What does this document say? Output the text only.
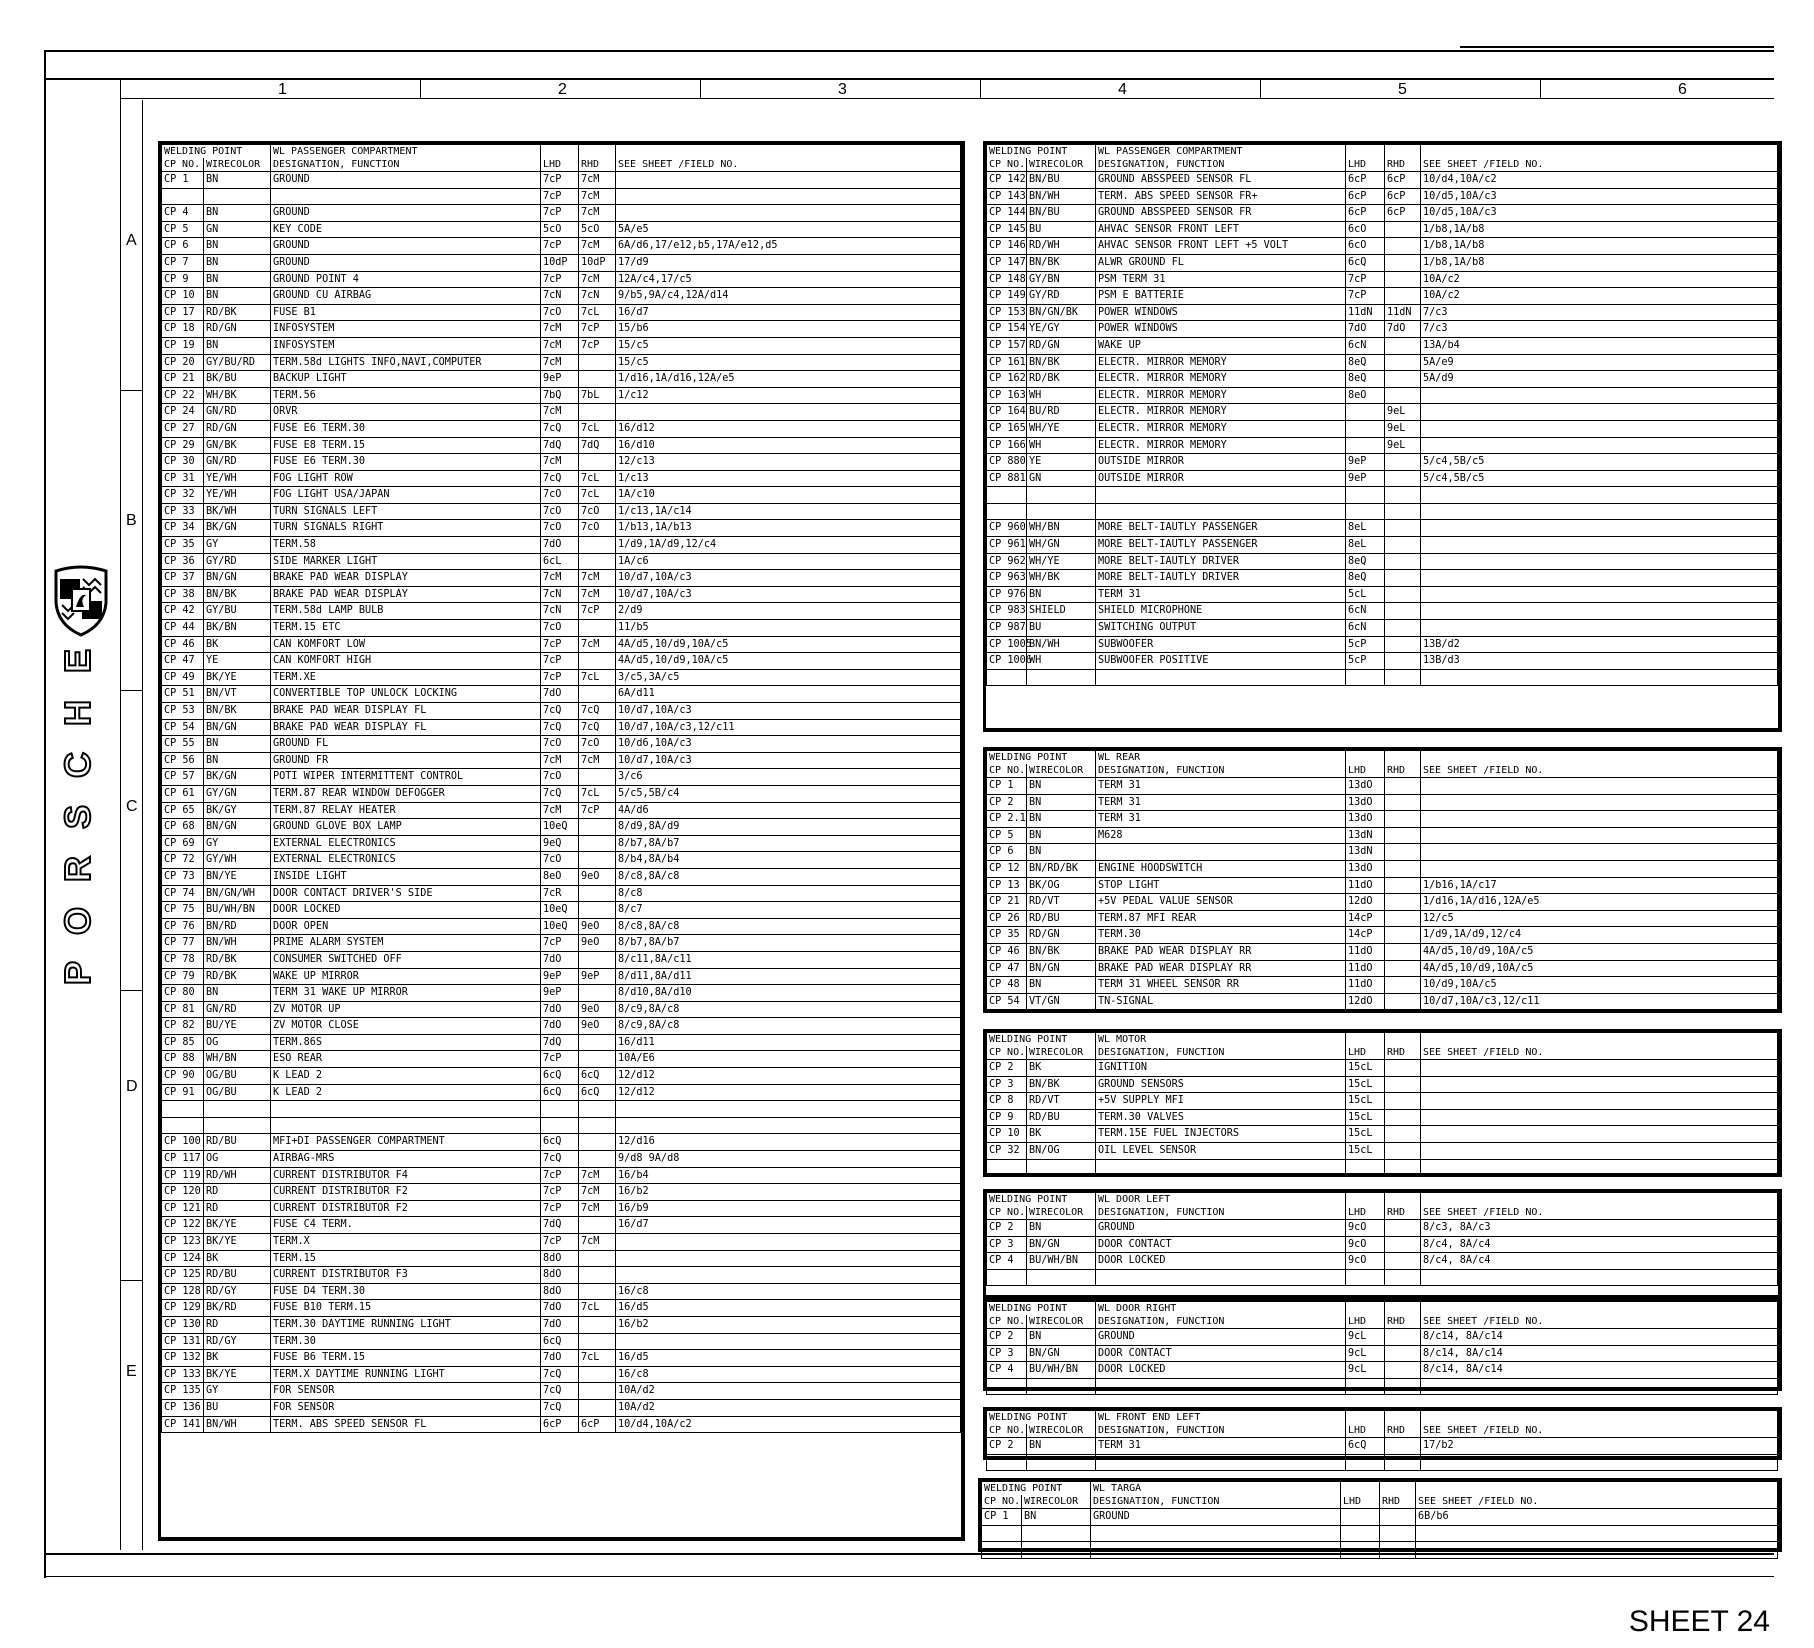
1	2	3	4	5	6
A
B
C
D
E
E
H
C
S
R
O
P
WELDING POINT		WL PASSENGER COMPARTMENT			
CP NO.	WIRECOLOR	DESIGNATION, FUNCTION	LHD	RHD	SEE SHEET /FIELD NO.
CP 1	BN	GROUND	7cP	7cM	
			7cP	7cM	
CP 4	BN	GROUND	7cP	7cM	
CP 5	GN	KEY CODE	5cO	5cO	5A/e5
CP 6	BN	GROUND	7cP	7cM	6A/d6,17/e12,b5,17A/e12,d5
CP 7	BN	GROUND	10dP	10dP	17/d9
CP 9	BN	GROUND POINT 4	7cP	7cM	12A/c4,17/c5
CP 10	BN	GROUND CU AIRBAG	7cN	7cN	9/b5,9A/c4,12A/d14
CP 17	RD/BK	FUSE B1	7cO	7cL	16/d7
CP 18	RD/GN	INFOSYSTEM	7cM	7cP	15/b6
CP 19	BN	INFOSYSTEM	7cM	7cP	15/c5
CP 20	GY/BU/RD	TERM.58d LIGHTS INFO,NAVI,COMPUTER	7cM		15/c5
CP 21	BK/BU	BACKUP LIGHT	9eP		1/d16,1A/d16,12A/e5
CP 22	WH/BK	TERM.56	7bQ	7bL	1/c12
CP 24	GN/RD	ORVR	7cM		
CP 27	RD/GN	FUSE E6 TERM.30	7cQ	7cL	16/d12
CP 29	GN/BK	FUSE E8 TERM.15	7dQ	7dQ	16/d10
CP 30	GN/RD	FUSE E6 TERM.30	7cM		12/c13
CP 31	YE/WH	FOG LIGHT ROW	7cQ	7cL	1/c13
CP 32	YE/WH	FOG LIGHT USA/JAPAN	7cO	7cL	1A/c10
CP 33	BK/WH	TURN SIGNALS LEFT	7cO	7cO	1/c13,1A/c14
CP 34	BK/GN	TURN SIGNALS RIGHT	7cO	7cO	1/b13,1A/b13
CP 35	GY	TERM.58	7dO		1/d9,1A/d9,12/c4
CP 36	GY/RD	SIDE MARKER LIGHT	6cL		1A/c6
CP 37	BN/GN	BRAKE PAD WEAR DISPLAY	7cM	7cM	10/d7,10A/c3
CP 38	BN/BK	BRAKE PAD WEAR DISPLAY	7cN	7cM	10/d7,10A/c3
CP 42	GY/BU	TERM.58d LAMP BULB	7cN	7cP	2/d9
CP 44	BK/BN	TERM.15 ETC	7cO		11/b5
CP 46	BK	CAN KOMFORT LOW	7cP	7cM	4A/d5,10/d9,10A/c5
CP 47	YE	CAN KOMFORT HIGH	7cP		4A/d5,10/d9,10A/c5
CP 49	BK/YE	TERM.XE	7cP	7cL	3/c5,3A/c5
CP 51	BN/VT	CONVERTIBLE TOP UNLOCK LOCKING	7dO		6A/d11
CP 53	BN/BK	BRAKE PAD WEAR DISPLAY FL	7cQ	7cQ	10/d7,10A/c3
CP 54	BN/GN	BRAKE PAD WEAR DISPLAY FL	7cQ	7cQ	10/d7,10A/c3,12/c11
CP 55	BN	GROUND FL	7cO	7cO	10/d6,10A/c3
CP 56	BN	GROUND FR	7cM	7cM	10/d7,10A/c3
CP 57	BK/GN	POTI WIPER INTERMITTENT CONTROL	7cO		3/c6
CP 61	GY/GN	TERM.87 REAR WINDOW DEFOGGER	7cQ	7cL	5/c5,5B/c4
CP 65	BK/GY	TERM.87 RELAY HEATER	7cM	7cP	4A/d6
CP 68	BN/GN	GROUND GLOVE BOX LAMP	10eQ		8/d9,8A/d9
CP 69	GY	EXTERNAL ELECTRONICS	9eQ		8/b7,8A/b7
CP 72	GY/WH	EXTERNAL ELECTRONICS	7cO		8/b4,8A/b4
CP 73	BN/YE	INSIDE LIGHT	8eO	9eO	8/c8,8A/c8
CP 74	BN/GN/WH	DOOR CONTACT DRIVER'S SIDE	7cR		8/c8
CP 75	BU/WH/BN	DOOR LOCKED	10eQ		8/c7
CP 76	BN/RD	DOOR OPEN	10eQ	9eO	8/c8,8A/c8
CP 77	BN/WH	PRIME ALARM SYSTEM	7cP	9eO	8/b7,8A/b7
CP 78	RD/BK	CONSUMER SWITCHED OFF	7dO		8/c11,8A/c11
CP 79	RD/BK	WAKE UP MIRROR	9eP	9eP	8/d11,8A/d11
CP 80	BN	TERM 31 WAKE UP MIRROR	9eP		8/d10,8A/d10
CP 81	GN/RD	ZV MOTOR UP	7dO	9eO	8/c9,8A/c8
CP 82	BU/YE	ZV MOTOR CLOSE	7dO	9eO	8/c9,8A/c8
CP 85	OG	TERM.86S	7dQ		16/d11
CP 88	WH/BN	ESO REAR	7cP		10A/E6
CP 90	OG/BU	K LEAD 2	6cQ	6cQ	12/d12
CP 91	OG/BU	K LEAD 2	6cQ	6cQ	12/d12

CP 100	RD/BU	MFI+DI PASSENGER COMPARTMENT	6cQ		12/d16
CP 117	OG	AIRBAG-MRS	7cQ		9/d8 9A/d8
CP 119	RD/WH	CURRENT DISTRIBUTOR F4	7cP	7cM	16/b4
CP 120	RD	CURRENT DISTRIBUTOR F2	7cP	7cM	16/b2
CP 121	RD	CURRENT DISTRIBUTOR F2	7cP	7cM	16/b9
CP 122	BK/YE	FUSE C4 TERM.	7dQ		16/d7
CP 123	BK/YE	TERM.X	7cP	7cM	
CP 124	BK	TERM.15	8dO		
CP 125	RD/BU	CURRENT DISTRIBUTOR F3	8dO		
CP 128	RD/GY	FUSE D4 TERM.30	8dO		16/c8
CP 129	BK/RD	FUSE B10 TERM.15	7dO	7cL	16/d5
CP 130	RD	TERM.30 DAYTIME RUNNING LIGHT	7dO		16/b2
CP 131	RD/GY	TERM.30	6cQ		
CP 132	BK	FUSE B6 TERM.15	7dO	7cL	16/d5
CP 133	BK/YE	TERM.X DAYTIME RUNNING LIGHT	7cQ		16/c8
CP 135	GY	FOR SENSOR	7cQ		10A/d2
CP 136	BU	FOR SENSOR	7cQ		10A/d2
CP 141	BN/WH	TERM. ABS SPEED SENSOR FL	6cP	6cP	10/d4,10A/c2
WELDING POINT		WL PASSENGER COMPARTMENT			
CP NO.	WIRECOLOR	DESIGNATION, FUNCTION	LHD	RHD	SEE SHEET /FIELD NO.
CP 142	BN/BU	GROUND ABSSPEED SENSOR FL	6cP	6cP	10/d4,10A/c2
CP 143	BN/WH	TERM. ABS SPEED SENSOR FR+	6cP	6cP	10/d5,10A/c3
CP 144	BN/BU	GROUND ABSSPEED SENSOR FR	6cP	6cP	10/d5,10A/c3
CP 145	BU	AHVAC SENSOR FRONT LEFT	6cO		1/b8,1A/b8
CP 146	RD/WH	AHVAC SENSOR FRONT LEFT +5 VOLT	6cO		1/b8,1A/b8
CP 147	BN/BK	ALWR GROUND FL	6cQ		1/b8,1A/b8
CP 148	GY/BN	PSM TERM 31	7cP		10A/c2
CP 149	GY/RD	PSM E BATTERIE	7cP		10A/c2
CP 153	BN/GN/BK	POWER WINDOWS	11dN	11dN	7/c3
CP 154	YE/GY	POWER WINDOWS	7dO	7dO	7/c3
CP 157	RD/GN	WAKE UP	6cN		13A/b4
CP 161	BN/BK	ELECTR. MIRROR MEMORY	8eQ		5A/e9
CP 162	RD/BK	ELECTR. MIRROR MEMORY	8eQ		5A/d9
CP 163	WH	ELECTR. MIRROR MEMORY	8eO		
CP 164	BU/RD	ELECTR. MIRROR MEMORY		9eL	
CP 165	WH/YE	ELECTR. MIRROR MEMORY		9eL	
CP 166	WH	ELECTR. MIRROR MEMORY		9eL	
CP 880	YE	OUTSIDE MIRROR	9eP		5/c4,5B/c5
CP 881	GN	OUTSIDE MIRROR	9eP		5/c4,5B/c5

CP 960	WH/BN	MORE BELT-IAUTLY PASSENGER	8eL		
CP 961	WH/GN	MORE BELT-IAUTLY PASSENGER	8eL		
CP 962	WH/YE	MORE BELT-IAUTLY DRIVER	8eQ		
CP 963	WH/BK	MORE BELT-IAUTLY DRIVER	8eQ		
CP 976	BN	TERM 31	5cL		
CP 983	SHIELD	SHIELD MICROPHONE	6cN		
CP 987	BU	SWITCHING OUTPUT	6cN		
CP 1005	BN/WH	SUBWOOFER	5cP		13B/d2
CP 1006	WH	SUBWOOFER POSITIVE	5cP		13B/d3

WELDING POINT		WL REAR			
CP NO.	WIRECOLOR	DESIGNATION, FUNCTION	LHD	RHD	SEE SHEET /FIELD NO.
CP 1	BN	TERM 31	13dO		
CP 2	BN	TERM 31	13dO		
CP 2.1	BN	TERM 31	13dO		
CP 5	BN	M628	13dN		
CP 6	BN		13dN		
CP 12	BN/RD/BK	ENGINE HOODSWITCH	13dO		
CP 13	BK/OG	STOP LIGHT	11dO		1/b16,1A/c17
CP 21	RD/VT	+5V PEDAL VALUE SENSOR	12dO		1/d16,1A/d16,12A/e5
CP 26	RD/BU	TERM.87 MFI REAR	14cP		12/c5
CP 35	RD/GN	TERM.30	14cP		1/d9,1A/d9,12/c4
CP 46	BN/BK	BRAKE PAD WEAR DISPLAY RR	11dO		4A/d5,10/d9,10A/c5
CP 47	BN/GN	BRAKE PAD WEAR DISPLAY RR	11dO		4A/d5,10/d9,10A/c5
CP 48	BN	TERM 31 WHEEL SENSOR RR	11dO		10/d9,10A/c5
CP 54	VT/GN	TN-SIGNAL	12dO		10/d7,10A/c3,12/c11
WELDING POINT		WL MOTOR			
CP NO.	WIRECOLOR	DESIGNATION, FUNCTION	LHD	RHD	SEE SHEET /FIELD NO.
CP 2	BK	IGNITION	15cL		
CP 3	BN/BK	GROUND SENSORS	15cL		
CP 8	RD/VT	+5V SUPPLY MFI	15cL		
CP 9	RD/BU	TERM.30 VALVES	15cL		
CP 10	BK	TERM.15E FUEL INJECTORS	15cL		
CP 32	BN/OG	OIL LEVEL SENSOR	15cL		

WELDING POINT		WL DOOR LEFT			
CP NO.	WIRECOLOR	DESIGNATION, FUNCTION	LHD	RHD	SEE SHEET /FIELD NO.
CP 2	BN	GROUND	9cO		8/c3, 8A/c3
CP 3	BN/GN	DOOR CONTACT	9cO		8/c4, 8A/c4
CP 4	BU/WH/BN	DOOR LOCKED	9cO		8/c4, 8A/c4

WELDING POINT		WL DOOR RIGHT			
CP NO.	WIRECOLOR	DESIGNATION, FUNCTION	LHD	RHD	SEE SHEET /FIELD NO.
CP 2	BN	GROUND	9cL		8/c14, 8A/c14
CP 3	BN/GN	DOOR CONTACT	9cL		8/c14, 8A/c14
CP 4	BU/WH/BN	DOOR LOCKED	9cL		8/c14, 8A/c14

WELDING POINT		WL FRONT END LEFT			
CP NO.	WIRECOLOR	DESIGNATION, FUNCTION	LHD	RHD	SEE SHEET /FIELD NO.
CP 2	BN	TERM 31	6cQ		17/b2

WELDING POINT		WL TARGA			
CP NO.	WIRECOLOR	DESIGNATION, FUNCTION	LHD	RHD	SEE SHEET /FIELD NO.
CP 1	BN	GROUND			6B/b6

SHEET 24
